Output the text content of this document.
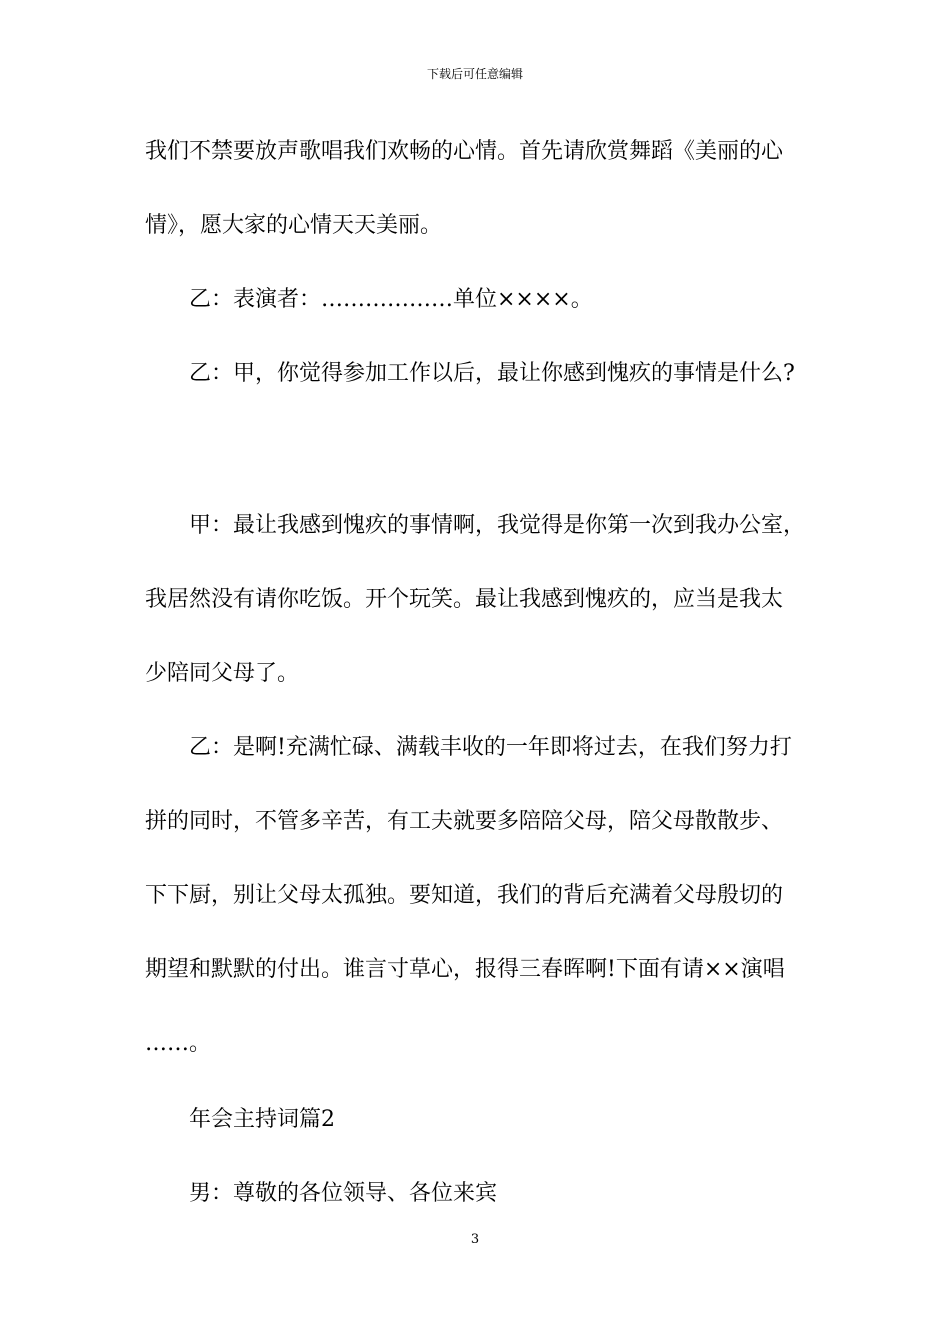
下载后可任意编辑
我们不禁要放声歌唱我们欢畅的心情。首先请欣赏舞蹈《美丽的心
情》，愿大家的心情天天美丽。
乙：表演者：………………单位××××。
乙：甲，你觉得参加工作以后，最让你感到愧疚的事情是什么?
甲：最让我感到愧疚的事情啊，我觉得是你第一次到我办公室，
我居然没有请你吃饭。开个玩笑。最让我感到愧疚的，应当是我太
少陪同父母了。
乙：是啊!充满忙碌、满载丰收的一年即将过去，在我们努力打
拼的同时，不管多辛苦，有工夫就要多陪陪父母，陪父母散散步、
下下厨，别让父母太孤独。要知道，我们的背后充满着父母殷切的
期望和默默的付出。谁言寸草心，报得三春晖啊!下面有请××演唱
……。
年会主持词篇2
男：尊敬的各位领导、各位来宾
3
